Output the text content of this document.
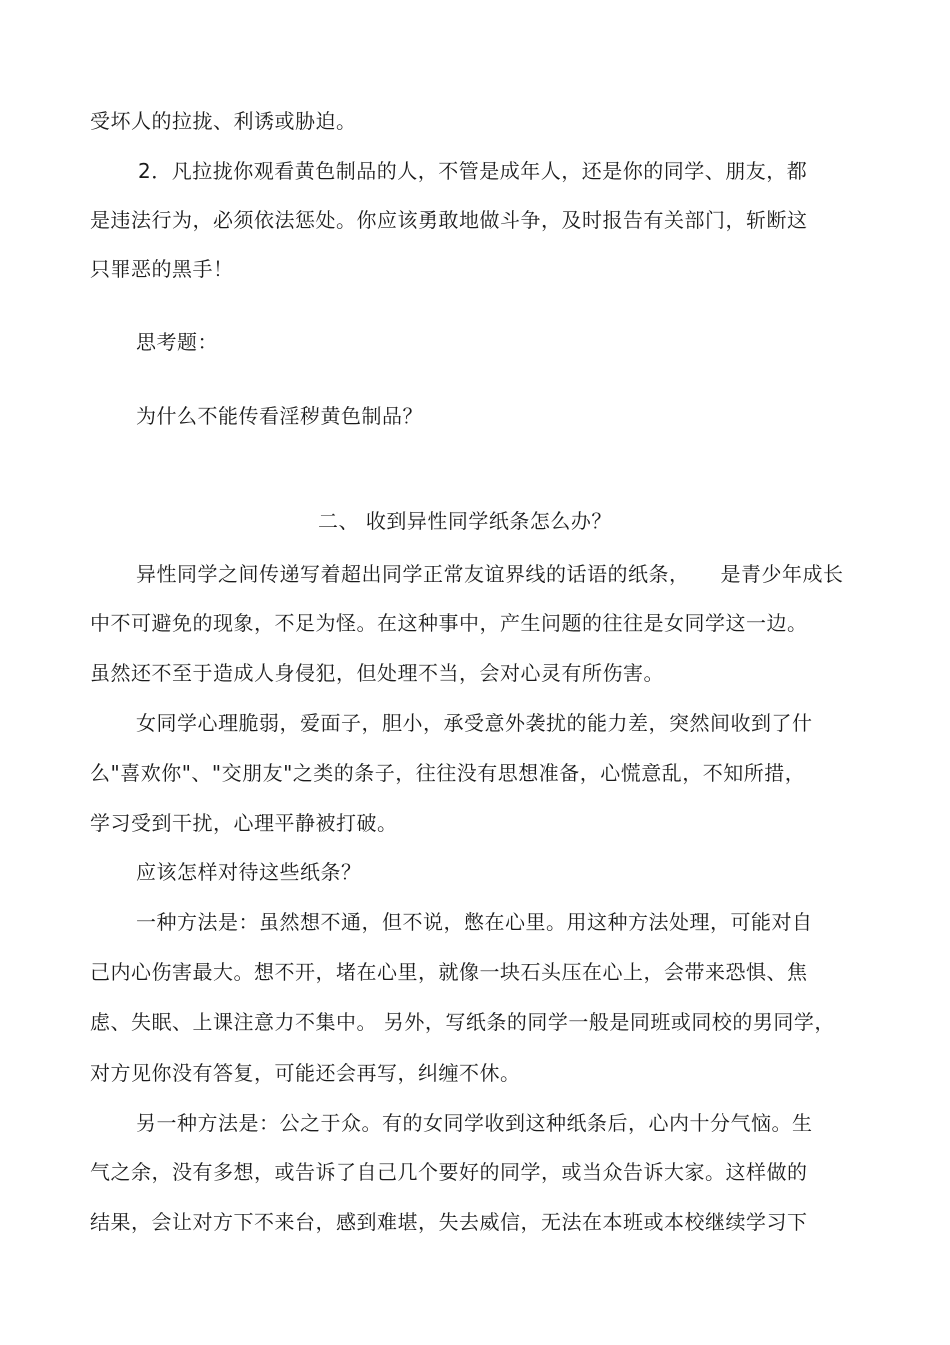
受坏人的拉拢、利诱或胁迫。
2．凡拉拢你观看黄色制品的人，不管是成年人，还是你的同学、朋友，都
是违法行为，必须依法惩处。你应该勇敢地做斗争，及时报告有关部门，斩断这
只罪恶的黑手！
思考题：
为什么不能传看淫秽黄色制品？
二、 收到异性同学纸条怎么办？
异性同学之间传递写着超出同学正常友谊界线的话语的纸条，　　是青少年成长
中不可避免的现象，不足为怪。在这种事中，产生问题的往往是女同学这一边。
虽然还不至于造成人身侵犯，但处理不当，会对心灵有所伤害。
女同学心理脆弱，爱面子，胆小，承受意外袭扰的能力差，突然间收到了什
么"喜欢你"、"交朋友"之类的条子，往往没有思想准备，心慌意乱，不知所措，
学习受到干扰，心理平静被打破。
应该怎样对待这些纸条？
一种方法是：虽然想不通，但不说，憋在心里。用这种方法处理，可能对自
己内心伤害最大。想不开，堵在心里，就像一块石头压在心上，会带来恐惧、焦
虑、失眠、上课注意力不集中。 另外，写纸条的同学一般是同班或同校的男同学，
对方见你没有答复，可能还会再写，纠缠不休。
另一种方法是：公之于众。有的女同学收到这种纸条后，心内十分气恼。生
气之余，没有多想，或告诉了自己几个要好的同学，或当众告诉大家。这样做的
结果，会让对方下不来台，感到难堪，失去威信，无法在本班或本校继续学习下
